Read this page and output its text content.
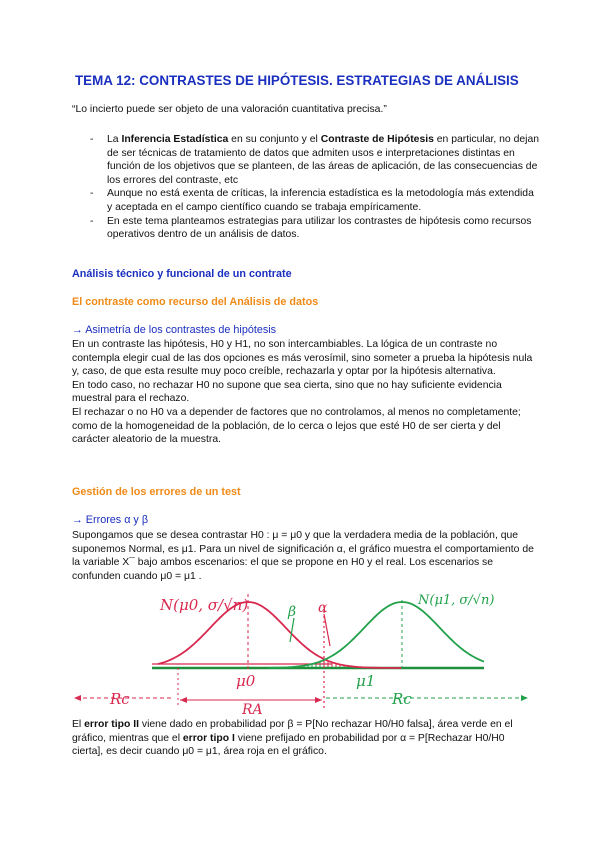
TEMA 12: CONTRASTES DE HIPÓTESIS. ESTRATEGIAS DE ANÁLISIS
“Lo incierto puede ser objeto de una valoración cuantitativa precisa.”
- La Inferencia Estadística en su conjunto y el Contraste de Hipótesis en particular, no dejan de ser técnicas de tratamiento de datos que admiten usos e interpretaciones distintas en función de los objetivos que se planteen, de las áreas de aplicación, de las consecuencias de los errores del contraste, etc
- Aunque no está exenta de críticas, la inferencia estadística es la metodología más extendida y aceptada en el campo científico cuando se trabaja empíricamente.
- En este tema planteamos estrategias para utilizar los contrastes de hipótesis como recursos operativos dentro de un análisis de datos.
Análisis técnico y funcional de un contrate
El contraste como recurso del Análisis de datos
→ Asimetría de los contrastes de hipótesis

En un contraste las hipótesis, H0 y H1, no son intercambiables. La lógica de un contraste no contempla elegir cual de las dos opciones es más verosímil, sino someter a prueba la hipótesis nula y, caso, de que esta resulte muy poco creíble, rechazarla y optar por la hipótesis alternativa.

En todo caso, no rechazar H0 no supone que sea cierta, sino que no hay suficiente evidencia muestral para el rechazo.

El rechazar o no H0 va a depender de factores que no controlamos, al menos no completamente; como de la homogeneidad de la población, de lo cerca o lejos que esté H0 de ser cierta y del carácter aleatorio de la muestra.

Gestión de los errores de un test
→ Errores α y β

Supongamos que se desea contrastar H0 : μ = μ0 y que la verdadera media de la población, que suponemos Normal, es μ1. Para un nivel de significación α, el gráfico muestra el comportamiento de la variable X¯ bajo ambos escenarios: el que se propone en H0 y el real. Los escenarios se confunden cuando μ0 = μ1 .

N(μ0, σ/√n)	N(μ1, σ/√n)
β α
μ0	μ1
Rc
RA
Rc
El error tipo II viene dado en probabilidad por β = P[No rechazar H0/H0 falsa], área verde en el gráfico, mientras que el error tipo I viene prefijado en probabilidad por α = P[Rechazar H0/H0 cierta], es decir cuando μ0 = μ1, área roja en el gráfico.
